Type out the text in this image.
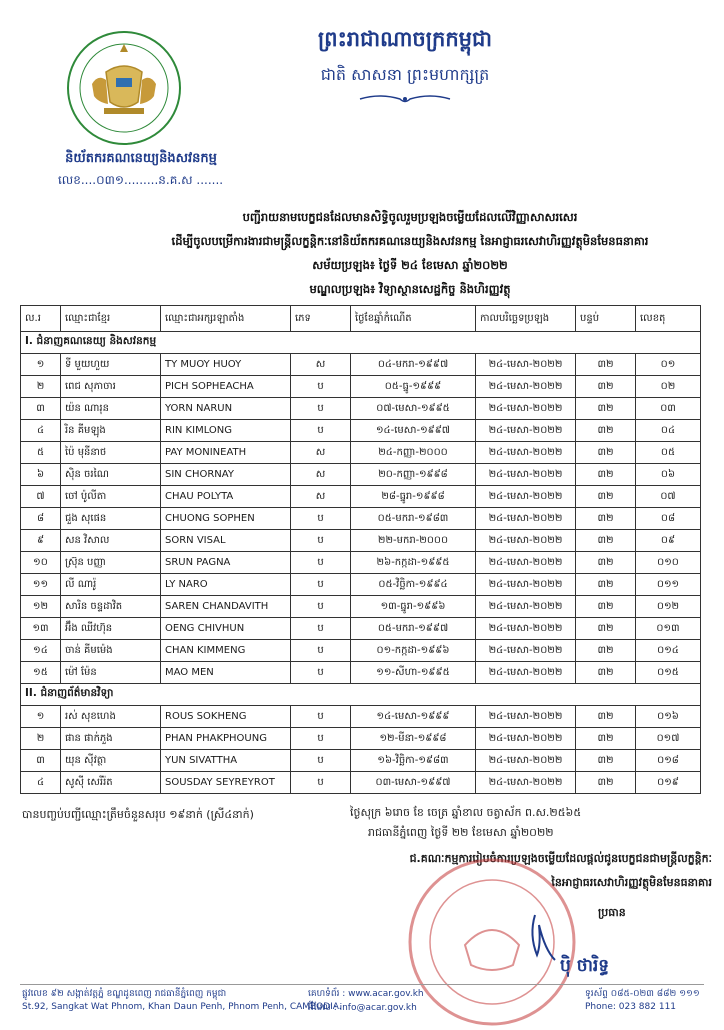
និយ័តករគណនេយ្យនិងសវនកម្ម
លេខ....០៣១.........ន.គ.ស .......
ព្រះរាជាណាចក្រកម្ពុជា
ជាតិ សាសនា ព្រះមហាក្សត្រ
បញ្ជីរាយនាមបេក្ខជនដែលមានសិទ្ធិចូលរួមប្រឡងចម្លើយដែលលើវិញ្ញាសាសរសេរ
ដើម្បីចូលបម្រើការងារជាមន្ត្រីលក្ខន្តិកៈនៅនិយ័តករគណនេយ្យនិងសវនកម្ម នៃអាជ្ញាធរសេវាហិរញ្ញវត្ថុមិនមែនធនាគារ
សម័យប្រឡង៖ ថ្ងៃទី ២៤ ខែមេសា ឆ្នាំ២០២២
មណ្ឌលប្រឡង៖ វិទ្យាស្ថានសេដ្ឋកិច្ច និងហិរញ្ញវត្ថុ
ល.រ	ឈ្មោះជាខ្មែរ	ឈ្មោះជាអក្សរឡាតាំង	ភេទ	ថ្ងៃខែឆ្នាំកំណើត	កាលបរិច្ឆេទប្រឡង	បន្ទប់	លេខតុ
I. ជំនាញគណនេយ្យ និងសវនកម្ម							
១	ទី មួយហួយ	TY MUOY HUOY	ស	០៤-មករា-១៩៩៧	២៤-មេសា-២០២២	៣២	០១
២	ពេជ សុភាចារ	PICH SOPHEACHA	ប	០៥-ធ្នូ-១៩៩៩	២៤-មេសា-២០២២	៣២	០២
៣	យ៉ន ណារុន	YORN NARUN	ប	០៧-មេសា-១៩៩៥	២៤-មេសា-២០២២	៣២	០៣
៤	រិន គីមឡុង	RIN KIMLONG	ប	១៤-មេសា-១៩៩៧	២៤-មេសា-២០២២	៣២	០៤
៥	ប៉ៃ មុនីនាថ	PAY MONINEATH	ស	២៤-កញ្ញា-២០០០	២៤-មេសា-២០២២	៣២	០៥
៦	ស៊ិន ចរណៃ	SIN CHORNAY	ស	២០-កញ្ញា-១៩៩៨	២៤-មេសា-២០២២	៣២	០៦
៧	ចៅ ប៉ូលីតា	CHAU POLYTA	ស	២៨-ធ្នូរា-១៩៩៨	២៤-មេសា-២០២២	៣២	០៧
៨	ជួង សុផេន	CHUONG SOPHEN	ប	០៥-មករា-១៩៨៣	២៤-មេសា-២០២២	៣២	០៨
៩	សន វិសាល	SORN VISAL	ប	២២-មករា-២០០០	២៤-មេសា-២០២២	៣២	០៩
១០	ស្រ៊ុន បញ្ញា	SRUN PAGNA	ប	២៦-កក្កដា-១៩៩៥	២៤-មេសា-២០២២	៣២	០១០
១១	លី ណារ៉ូ	LY NARO	ប	០៥-វិច្ឆិកា-១៩៩៤	២៤-មេសា-២០២២	៣២	០១១
១២	សារិន ចន្ទដាវិត	SAREN CHANDAVITH	ប	១៣-ធ្នូរា-១៩៩៦	២៤-មេសា-២០២២	៣២	០១២
១៣	អ៊ឹង ឈីវហ៊ុន	OENG CHIVHUN	ប	០៥-មករា-១៩៩៧	២៤-មេសា-២០២២	៣២	០១៣
១៤	ចាន់ គីមម៉េង	CHAN KIMMENG	ប	០១-កក្កដា-១៩៩៦	២៤-មេសា-២០២២	៣២	០១៤
១៥	ម៉ៅ ម៉ែន	MAO MEN	ប	១១-សីហា-១៩៩៥	២៤-មេសា-២០២២	៣២	០១៥
II. ជំនាញព័ត៌មានវិទ្យា							
១	រស់ សុខហេង	ROUS SOKHENG	ប	១៤-មេសា-១៩៩៩	២៤-មេសា-២០២២	៣២	០១៦
២	ផាន ផាក់ភួង	PHAN PHAKPHOUNG	ប	១២-មីនា-១៩៩៨	២៤-មេសា-២០២២	៣២	០១៧
៣	យុន ស៊ីវត្ថា	YUN SIVATTHA	ប	១៦-វិច្ឆិកា-១៩៨៣	២៤-មេសា-២០២២	៣២	០១៨
៤	សូស៊ី សេរីរ៉ត	SOUSDAY SEYREYROT	ប	០៣-មេសា-១៩៩៧	២៤-មេសា-២០២២	៣២	០១៩
បានបញ្ចប់បញ្ជីឈ្មោះត្រឹមចំនួនសរុប ១៩នាក់ (ស្រី៤នាក់)	ថ្ងៃសុក្រ ៦រោច ខែ ចេត្រ ឆ្នាំខាល ចត្វាស័ក ព.ស.២៥៦៥
រាជធានីភ្នំពេញ ថ្ងៃទី ២២ ខែមេសា ឆ្នាំ២០២២
ជ.គណៈកម្មការរៀបចំការប្រឡងចម្លើយដែលផ្ដល់ជូនបេក្ខជនជាមន្ត្រីលក្ខន្តិកៈ
នៃអាជ្ញាធរសេវាហិរញ្ញវត្ថុមិនមែនធនាគារ
ប្រធាន
ប៉ិ ថារិទ្ធ
ផ្លូវលេខ ៩២ សង្កាត់វត្តភ្នំ ខណ្ឌដូនពេញ រាជធានីភ្នំពេញ កម្ពុជា
St.92, Sangkat Wat Phnom, Khan Daun Penh, Phnom Penh, CAMBODIA.
គេហទំព័រ : www.acar.gov.kh
អ៊ីមែល : info@acar.gov.kh
ទូរស័ព្ទ ០៨៥-០២៣ ៨៨២ ១១១
Phone: 023 882 111
